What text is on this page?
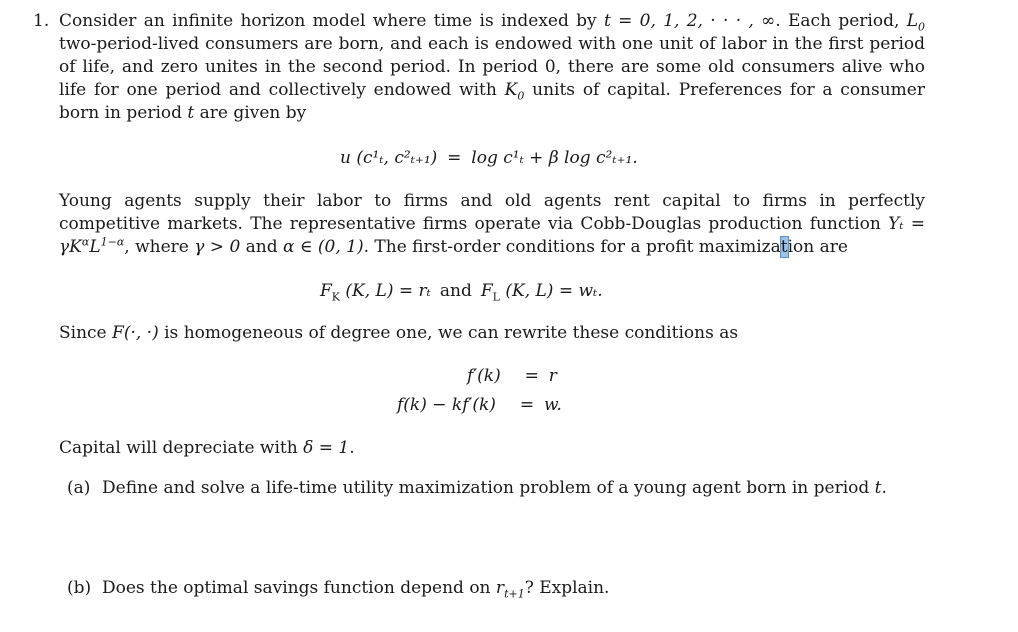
1. Consider an infinite horizon model where time is indexed by t = 0, 1, 2, · · · , ∞. Each period, $L_0$ two-period-lived consumers are born, and each is endowed with one unit of labor in the first period of life, and zero unites in the second period. In period 0, there are some old consumers alive who life for one period and collectively endowed with $K_0$ units of capital. Preferences for a consumer born in period t are given by
u (c¹ₜ, c²ₜ₊₁) = log c¹ₜ + β log c²ₜ₊₁.
Young agents supply their labor to firms and old agents rent capital to firms in perfectly competitive markets. The representative firms operate via Cobb-Douglas production function $Y_t = \gamma K^\alpha L^{1-\alpha}$, where γ > 0 and α ∈ (0, 1). The first-order conditions for a profit maximization are
$F_K$ (K, L) = rₜ and $F_L$ (K, L) = wₜ.
Since F(·, ·) is homogeneous of degree one, we can rewrite these conditions as
f′(k) = r
f(k) − kf′(k) = w.
Capital will depreciate with δ = 1.
(a) Define and solve a life-time utility maximization problem of a young agent born in period t.
(b) Does the optimal savings function depend on $r_{t+1}$? Explain.
